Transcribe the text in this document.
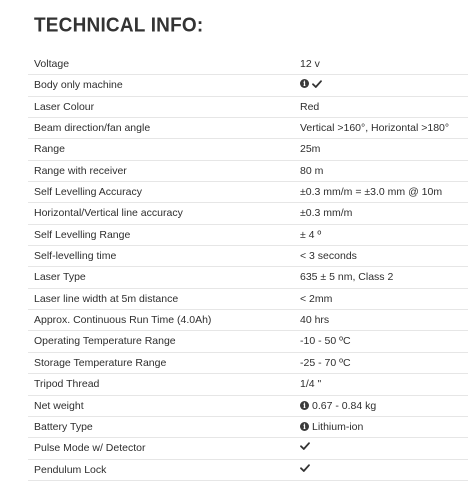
TECHNICAL INFO:
Voltage	12 v
Body only machine	i
Laser Colour	Red
Beam direction/fan angle	Vertical >160°, Horizontal >180°
Range	25m
Range with receiver	80 m
Self Levelling Accuracy	±0.3 mm/m = ±3.0 mm @ 10m
Horizontal/Vertical line accuracy	±0.3 mm/m
Self Levelling Range	± 4 º
Self-levelling time	< 3 seconds
Laser Type	635 ± 5 nm, Class 2
Laser line width at 5m distance	< 2mm
Approx. Continuous Run Time (4.0Ah)	40 hrs
Operating Temperature Range	-10 - 50 ºC
Storage Temperature Range	-25 - 70 ºC
Tripod Thread	1/4 "
Net weight	i 0.67 - 0.84 kg
Battery Type	i Lithium-ion
Pulse Mode w/ Detector
Pendulum Lock
